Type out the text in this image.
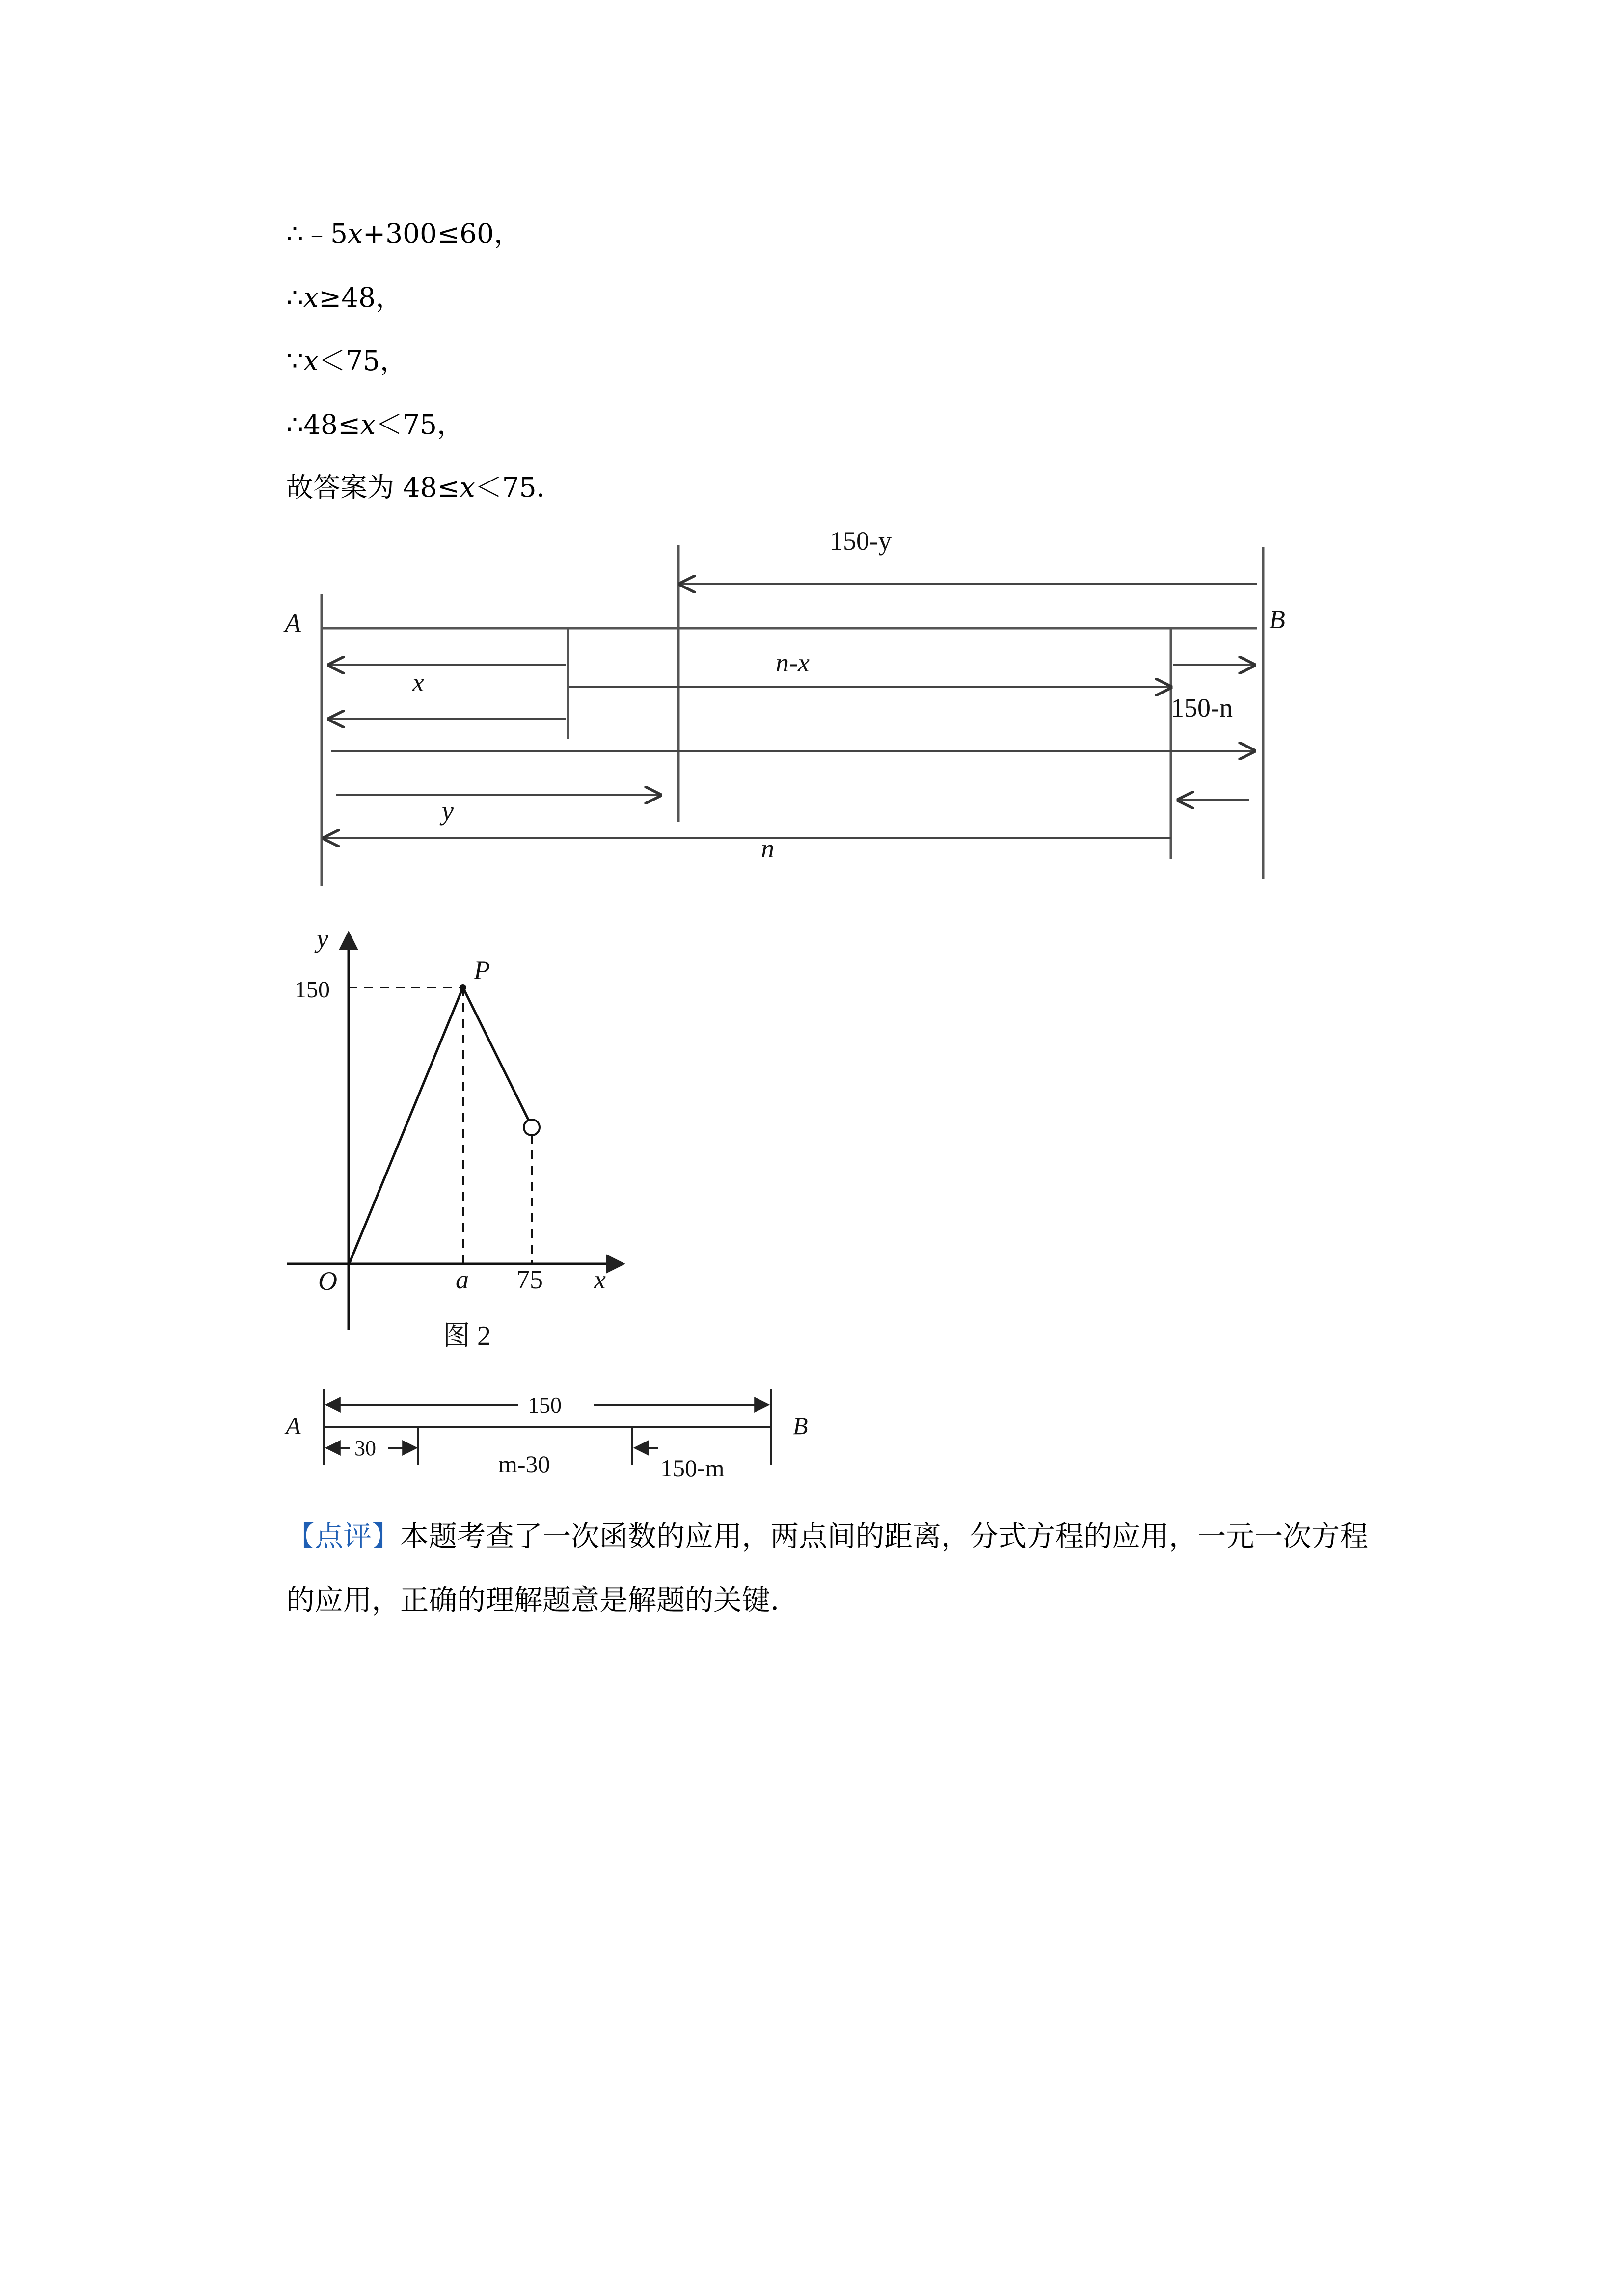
∴﹣5x+300≤60，
∴x≥48，
∵x＜75，
∴48≤x＜75，
故答案为 48≤x＜75．
A	B
150-y
x
n-x
150-n
y
n
y
x
O
P
150
a 75
图 2
A	B
150
30
m-30	150-m
【点评】本题考查了一次函数的应用，两点间的距离，分式方程的应用，一元一次方程的应用，正确的理解题意是解题的关键．
